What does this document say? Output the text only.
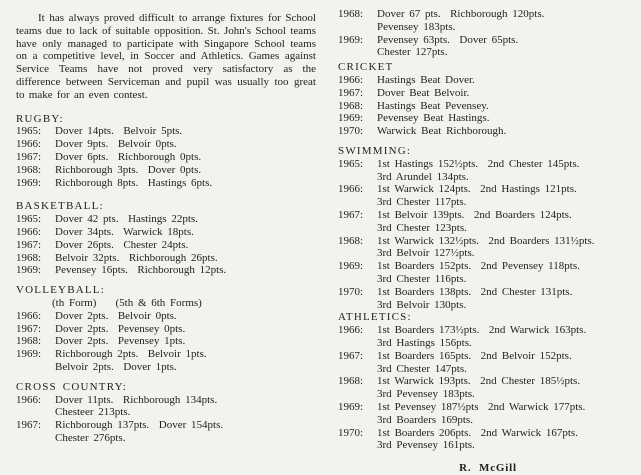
It has always proved difficult to arrange fixtures for School teams due to lack of suitable opposition. St. John's School teams have only managed to participate with Singapore School teams on a competitive level, in Soccer and Athletics. Games against Service Teams have not proved very satisfactory as the difference between Serviceman and pupil was usually too great to make for an even contest.

RUGBY:
1965:	Dover 14pts.  Belvoir 5pts.
1966:	Dover 9pts.  Belvoir 0pts.
1967:	Dover 6pts.  Richborough 0pts.
1968:	Richborough 3pts.  Dover 0pts.
1969:	Richborough 8pts.  Hastings 6pts.
BASKETBALL:
1965:	Dover 42 pts.  Hastings 22pts.
1966:	Dover 34pts.  Warwick 18pts.
1967:	Dover 26pts.  Chester 24pts.
1968:	Belvoir 32pts.  Richborough 26pts.
1969:	Pevensey 16pts.  Richborough 12pts.
VOLLEYBALL:
(th Form)    (5th & 6th Forms)
1966:	Dover 2pts.  Belvoir 0pts.
1967:	Dover 2pts.  Pevensey 0pts.
1968:	Dover 2pts.  Pevensey 1pts.
1969:	Richborough 2pts.  Belvoir 1pts.
Belvoir 2pts.  Dover 1pts.
CROSS COUNTRY:
1966:	Dover 11pts.  Richborough 134pts.
Chesteer 213pts.
1967:	Richborough 137pts.  Dover 154pts.
Chester 276pts.
1968:	Dover 67 pts.  Richborough 120pts.
Pevensey 183pts.
1969:	Pevensey 63pts.  Dover 65pts.
Chester 127pts.
CRICKET
1966:	Hastings Beat Dover.
1967:	Dover Beat Belvoir.
1968:	Hastings Beat Pevensey.
1969:	Pevensey Beat Hastings.
1970:	Warwick Beat Richborough.
SWIMMING:
1965:	1st Hastings 152½pts.  2nd Chester 145pts.
3rd Arundel 134pts.
1966:	1st Warwick 124pts.  2nd Hastings 121pts.
3rd Chester 117pts.
1967:	1st Belvoir 139pts.  2nd Boarders 124pts.
3rd Chester 123pts.
1968:	1st Warwick 132½pts.  2nd Boarders 131½pts.
3rd Belvoir 127½pts.
1969:	1st Boarders 152pts.  2nd Pevensey 118pts.
3rd Chester 116pts.
1970:	1st Boarders 138pts.  2nd Chester 131pts.
3rd Belvoir 130pts.
ATHLETICS:
1966:	1st Boarders 173½pts.  2nd Warwick 163pts.
3rd Hastings 156pts.
1967:	1st Boarders 165pts.  2nd Belvoir 152pts.
3rd Chester 147pts.
1968:	1st Warwick 193pts.  2nd Chester 185½pts.
3rd Pevensey 183pts.
1969:	1st Pevensey 187½pts  2nd Warwick 177pts.
3rd Boarders 169pts.
1970:	1st Boarders 206pts.  2nd Warwick 167pts.
3rd Pevensey 161pts.
R. McGill
